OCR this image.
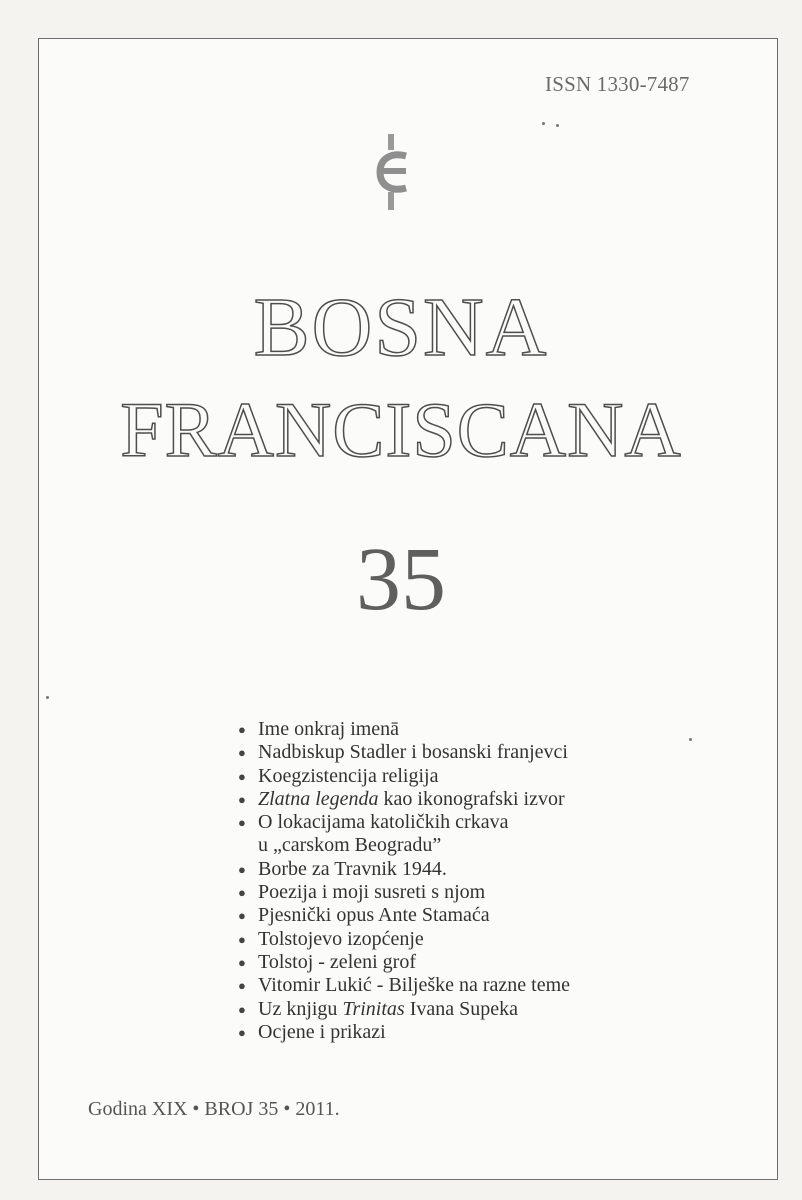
ISSN 1330-7487
BOSNA
FRANCISCANA
35
● Ime onkraj imenā
● Nadbiskup Stadler i bosanski franjevci
● Koegzistencija religija
● Zlatna legenda kao ikonografski izvor
● O lokacijama katoličkih crkava
u „carskom Beogradu”
● Borbe za Travnik 1944.
● Poezija i moji susreti s njom
● Pjesnički opus Ante Stamaća
● Tolstojevo izopćenje
● Tolstoj - zeleni grof
● Vitomir Lukić - Bilješke na razne teme
● Uz knjigu Trinitas Ivana Supeka
● Ocjene i prikazi
Godina XIX • BROJ 35 • 2011.
